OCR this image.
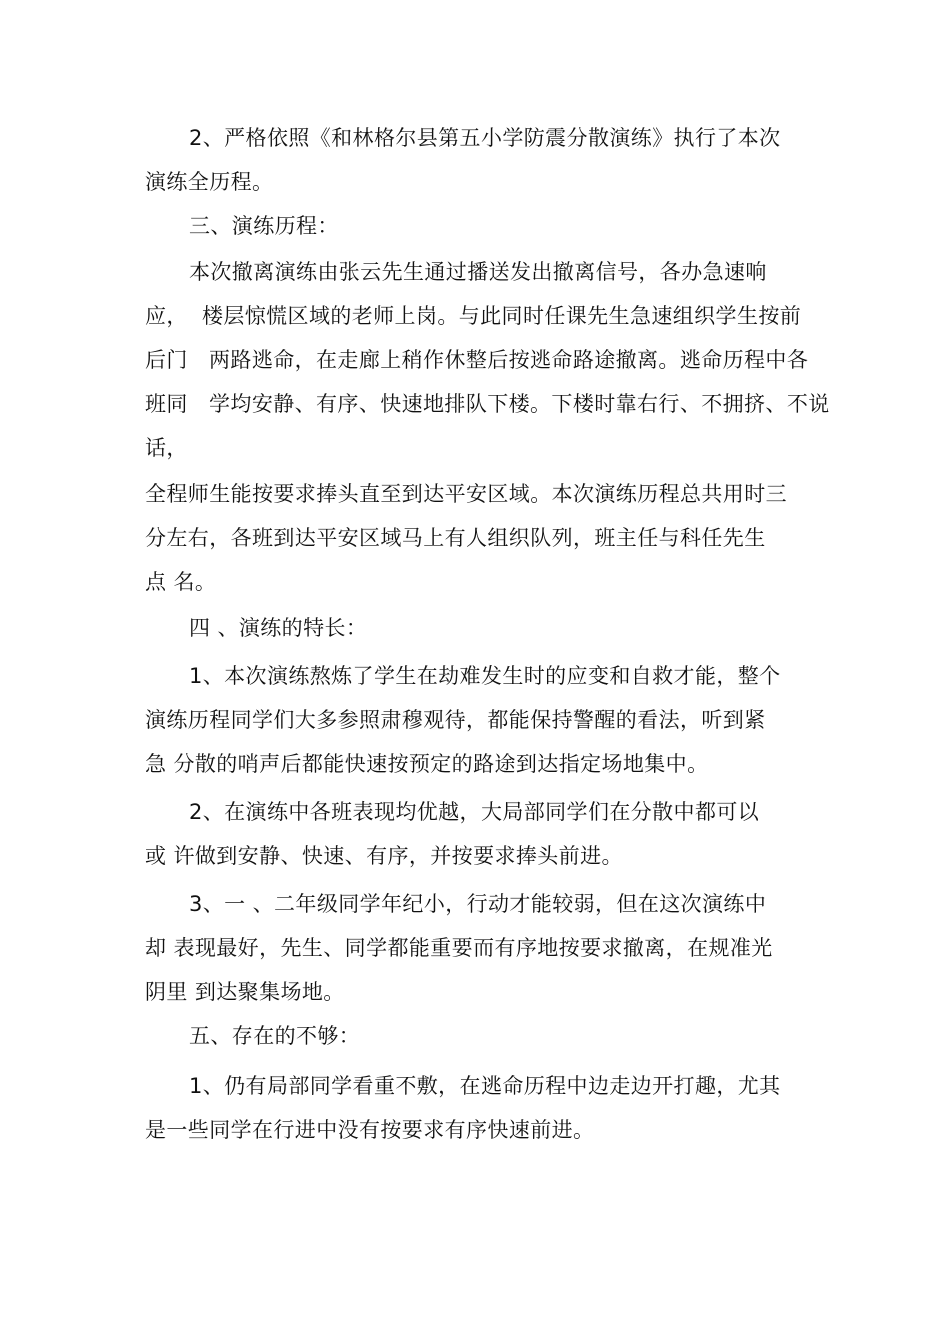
2、严格依照《和林格尔县第五小学防震分散演练》执行了本次
演练全历程。
三、演练历程：
本次撤离演练由张云先生通过播送发出撤离信号，各办急速响
应，  楼层惊慌区域的老师上岗。与此同时任课先生急速组织学生按前
后门   两路逃命，在走廊上稍作休整后按逃命路途撤离。逃命历程中各
班同   学均安静、有序、快速地排队下楼。下楼时靠右行、不拥挤、不说
话，
全程师生能按要求捧头直至到达平安区域。本次演练历程总共用时三
分左右，各班到达平安区域马上有人组织队列，班主任与科任先生
点 名。
四 、演练的特长：
1、本次演练熬炼了学生在劫难发生时的应变和自救才能，整个
演练历程同学们大多参照肃穆观待，都能保持警醒的看法，听到紧
急 分散的哨声后都能快速按预定的路途到达指定场地集中。
2、在演练中各班表现均优越，大局部同学们在分散中都可以
或 许做到安静、快速、有序，并按要求捧头前进。
3、一 、二年级同学年纪小，行动才能较弱，但在这次演练中
却 表现最好，先生、同学都能重要而有序地按要求撤离，在规准光
阴里 到达聚集场地。
五、存在的不够：
1、仍有局部同学看重不敷，在逃命历程中边走边开打趣，尤其
是一些同学在行进中没有按要求有序快速前进。
